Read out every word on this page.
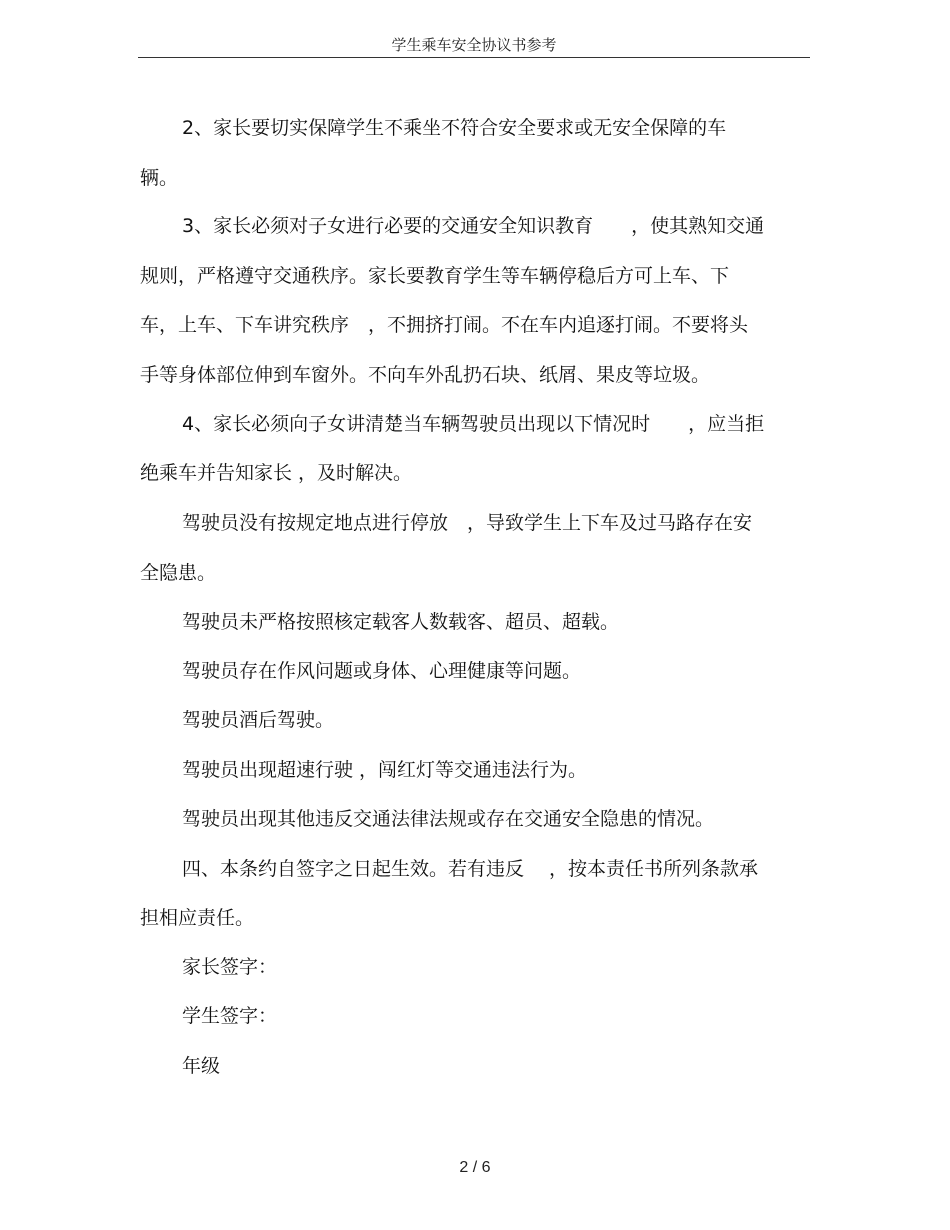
学生乘车安全协议书参考

2、家长要切实保障学生不乘坐不符合安全要求或无安全保障的车

辆。

3、家长必须对子女进行必要的交通安全知识教育　　，使其熟知交通

规则，严格遵守交通秩序。家长要教育学生等车辆停稳后方可上车、下

车，上车、下车讲究秩序　，不拥挤打闹。不在车内追逐打闹。不要将头

手等身体部位伸到车窗外。不向车外乱扔石块、纸屑、果皮等垃圾。

4、家长必须向子女讲清楚当车辆驾驶员出现以下情况时　　，应当拒

绝乘车并告知家长 ，及时解决。

驾驶员没有按规定地点进行停放　，导致学生上下车及过马路存在安

全隐患。

驾驶员未严格按照核定载客人数载客、超员、超载。

驾驶员存在作风问题或身体、心理健康等问题。

驾驶员酒后驾驶。

驾驶员出现超速行驶 ，闯红灯等交通违法行为。

驾驶员出现其他违反交通法律法规或存在交通安全隐患的情况。

四、本条约自签字之日起生效。若有违反　 ，按本责任书所列条款承

担相应责任。

家长签字：

学生签字：

年级

2 / 6
